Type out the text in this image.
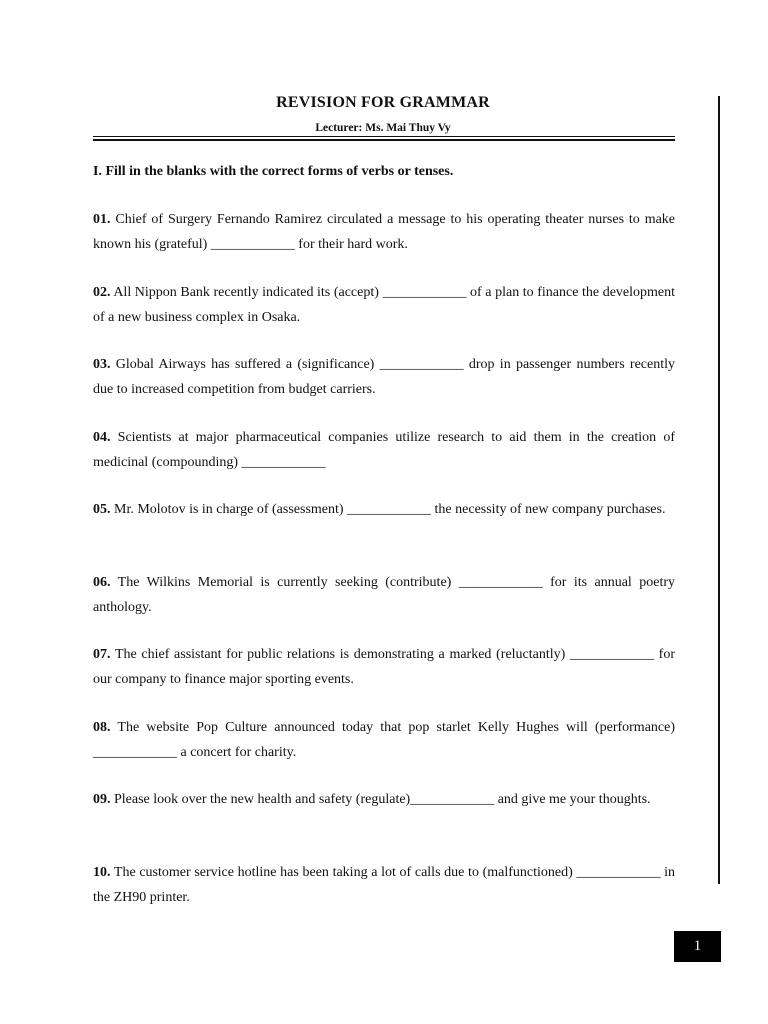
REVISION FOR GRAMMAR
Lecturer: Ms. Mai Thuy Vy
I. Fill in the blanks with the correct forms of verbs or tenses.

01. Chief of Surgery Fernando Ramirez circulated a message to his operating theater nurses to make known his (grateful) ____________ for their hard work.

02. All Nippon Bank recently indicated its (accept) ____________ of a plan to finance the development of a new business complex in Osaka.

03. Global Airways has suffered a (significance) ____________ drop in passenger numbers recently due to increased competition from budget carriers.

04. Scientists at major pharmaceutical companies utilize research to aid them in the creation of medicinal (compounding) ____________

05. Mr. Molotov is in charge of (assessment) ____________ the necessity of new company purchases.

06. The Wilkins Memorial is currently seeking (contribute) ____________ for its annual poetry anthology.

07. The chief assistant for public relations is demonstrating a marked (reluctantly) ____________ for our company to finance major sporting events.

08. The website Pop Culture announced today that pop starlet Kelly Hughes will (performance) ____________ a concert for charity.

09. Please look over the new health and safety (regulate)____________ and give me your thoughts.

10. The customer service hotline has been taking a lot of calls due to (malfunctioned) ____________ in the ZH90 printer.

1
